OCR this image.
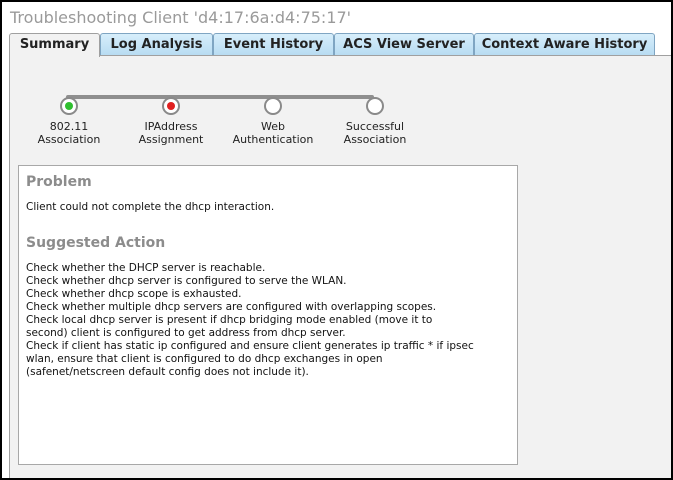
Troubleshooting Client 'd4:17:6a:d4:75:17'
Summary	Log Analysis	Event History	ACS View Server	Context Aware History
802.11
Association
IPAddress
Assignment
Web
Authentication
Successful
Association
Problem
Client could not complete the dhcp interaction.
Suggested Action
Check whether the DHCP server is reachable.
Check whether dhcp server is configured to serve the WLAN.
Check whether dhcp scope is exhausted.
Check whether multiple dhcp servers are configured with overlapping scopes.
Check local dhcp server is present if dhcp bridging mode enabled (move it to
second) client is configured to get address from dhcp server.
Check if client has static ip configured and ensure client generates ip traffic * if ipsec
wlan, ensure that client is configured to do dhcp exchanges in open
(safenet/netscreen default config does not include it).
